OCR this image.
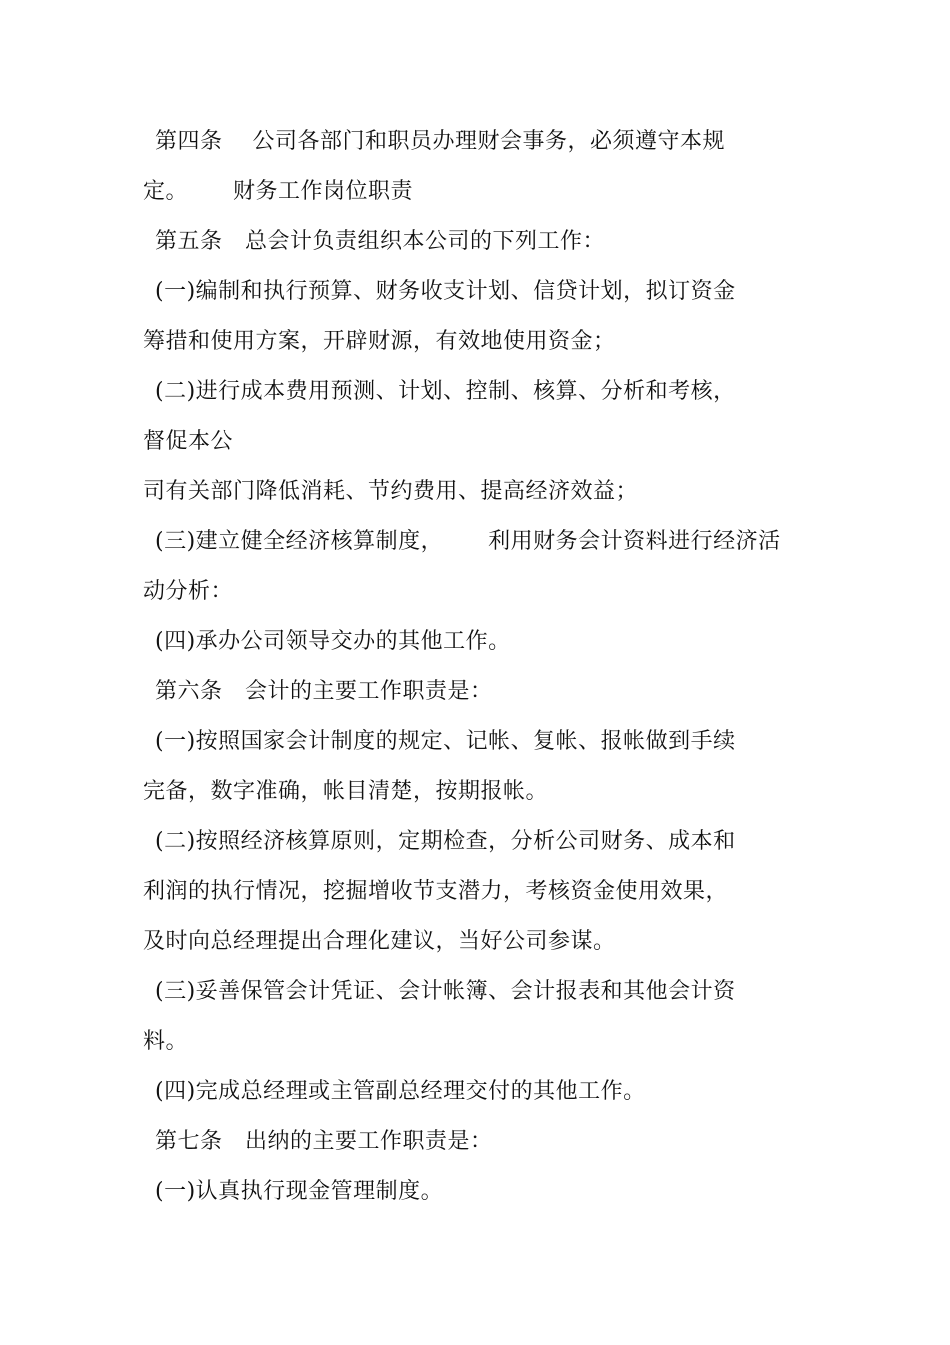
第四条    公司各部门和职员办理财会事务，必须遵守本规
定。      财务工作岗位职责
第五条   总会计负责组织本公司的下列工作：
(一)编制和执行预算、财务收支计划、信贷计划，拟订资金
筹措和使用方案，开辟财源，有效地使用资金；
(二)进行成本费用预测、计划、控制、核算、分析和考核，
督促本公
司有关部门降低消耗、节约费用、提高经济效益；
(三)建立健全经济核算制度，      利用财务会计资料进行经济活
动分析：
(四)承办公司领导交办的其他工作。
第六条   会计的主要工作职责是：
(一)按照国家会计制度的规定、记帐、复帐、报帐做到手续
完备，数字准确，帐目清楚，按期报帐。
(二)按照经济核算原则，定期检查，分析公司财务、成本和
利润的执行情况，挖掘增收节支潜力，考核资金使用效果，
及时向总经理提出合理化建议，当好公司参谋。
(三)妥善保管会计凭证、会计帐簿、会计报表和其他会计资
料。
(四)完成总经理或主管副总经理交付的其他工作。
第七条   出纳的主要工作职责是：
(一)认真执行现金管理制度。
